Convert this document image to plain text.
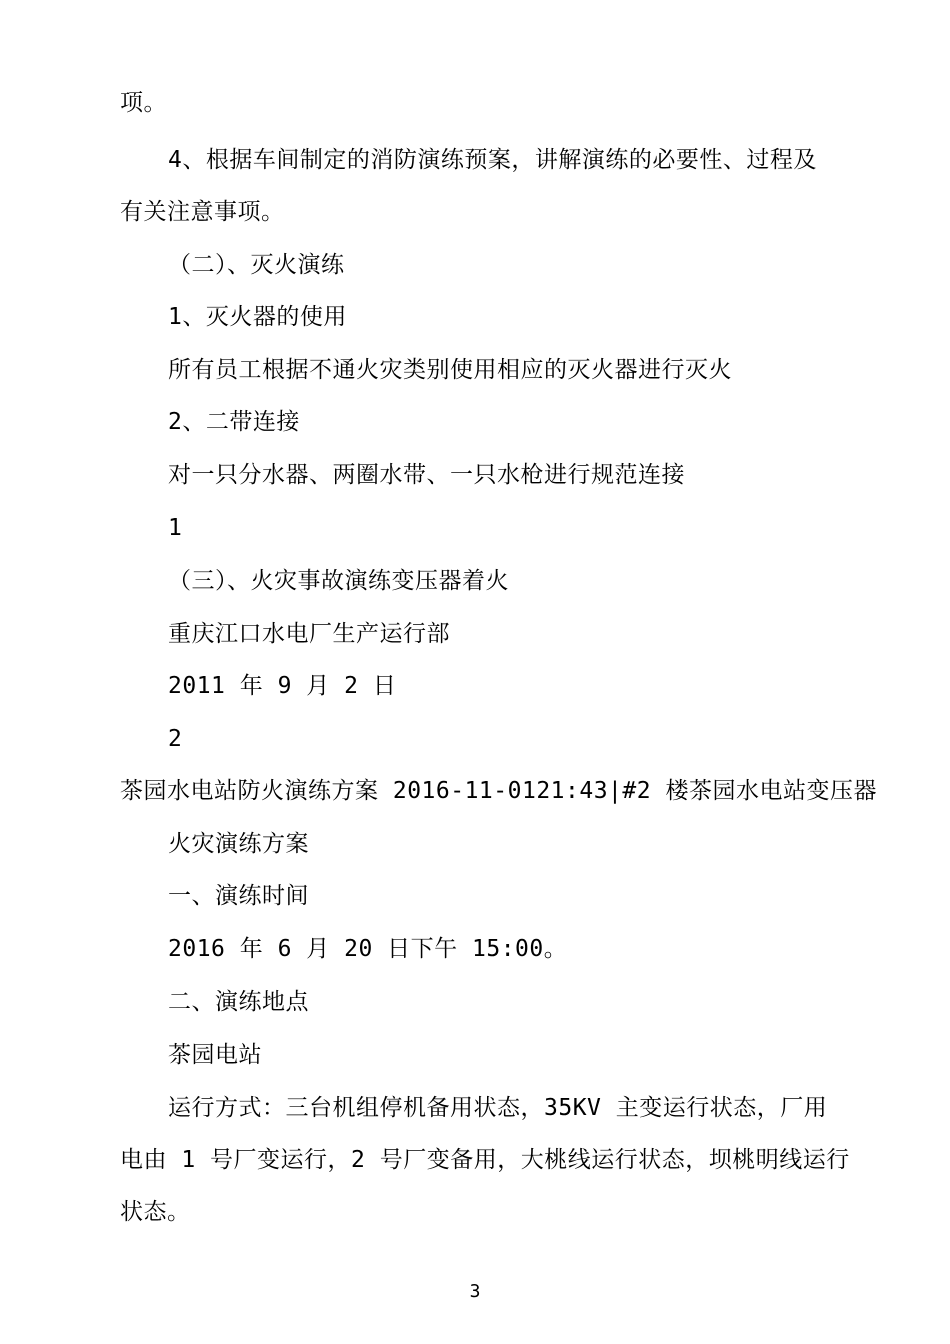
项。
4、根据车间制定的消防演练预案，讲解演练的必要性、过程及
有关注意事项。
（二）、灭火演练
1、灭火器的使用
所有员工根据不通火灾类别使用相应的灭火器进行灭火
2、二带连接
对一只分水器、两圈水带、一只水枪进行规范连接
1
（三）、火灾事故演练变压器着火
重庆江口水电厂生产运行部
2011 年 9 月 2 日
2
茶园水电站防火演练方案 2016-11-0121:43|#2 楼茶园水电站变压器
火灾演练方案
一、演练时间
2016 年 6 月 20 日下午 15:00。
二、演练地点
茶园电站
运行方式：三台机组停机备用状态，35KV 主变运行状态，厂用
电由 1 号厂变运行，2 号厂变备用，大桃线运行状态，坝桃明线运行
状态。
3
